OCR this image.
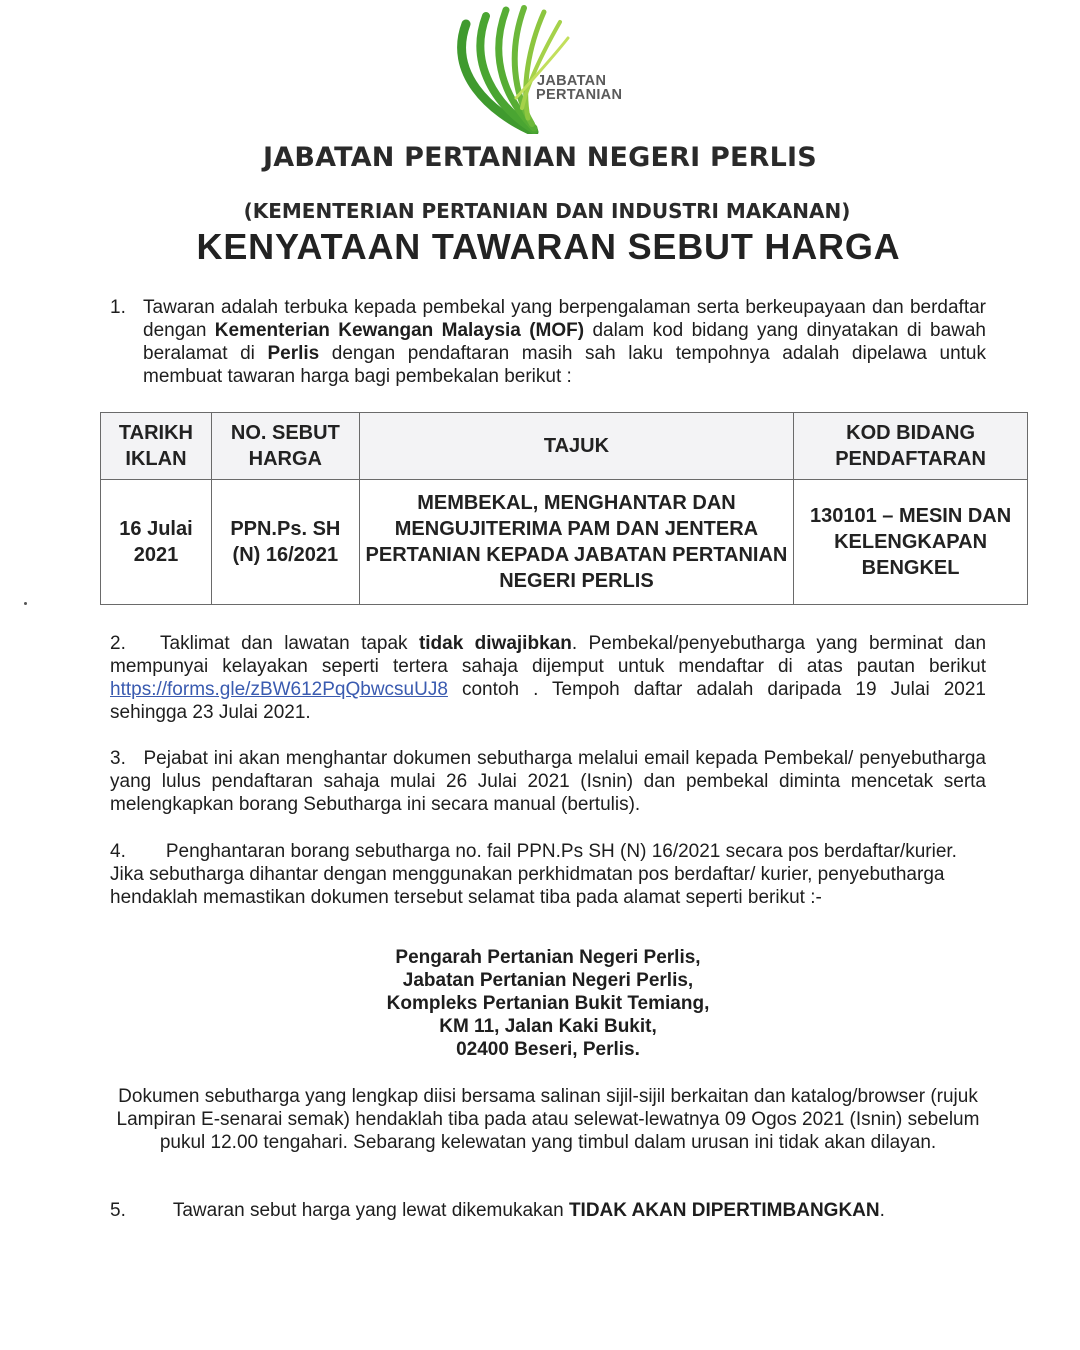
JABATAN
PERTANIAN
JABATAN PERTANIAN NEGERI PERLIS
(KEMENTERIAN PERTANIAN DAN INDUSTRI MAKANAN)
KENYATAAN TAWARAN SEBUT HARGA
1. Tawaran adalah terbuka kepada pembekal yang berpengalaman serta berkeupayaan dan berdaftar dengan Kementerian Kewangan Malaysia (MOF) dalam kod bidang yang dinyatakan di bawah beralamat di Perlis dengan pendaftaran masih sah laku tempohnya adalah dipelawa untuk membuat tawaran harga bagi pembekalan berikut :
TARIKH IKLAN	NO. SEBUT HARGA	TAJUK	KOD BIDANG PENDAFTARAN
16 Julai 2021	PPN.Ps. SH (N) 16/2021	MEMBEKAL, MENGHANTAR DAN MENGUJITERIMA PAM DAN JENTERA PERTANIAN KEPADA JABATAN PERTANIAN NEGERI PERLIS	130101 – MESIN DAN KELENGKAPAN BENGKEL
2. Taklimat dan lawatan tapak tidak diwajibkan. Pembekal/penyebutharga yang berminat dan mempunyai kelayakan seperti tertera sahaja dijemput untuk mendaftar di atas pautan berikut https://forms.gle/zBW612PqQbwcsuUJ8 contoh . Tempoh daftar adalah daripada 19 Julai 2021 sehingga 23 Julai 2021.
3. Pejabat ini akan menghantar dokumen sebutharga melalui email kepada Pembekal/ penyebutharga yang lulus pendaftaran sahaja mulai 26 Julai 2021 (Isnin) dan pembekal diminta mencetak serta melengkapkan borang Sebutharga ini secara manual (bertulis).
4. Penghantaran borang sebutharga no. fail PPN.Ps SH (N) 16/2021 secara pos berdaftar/kurier. Jika sebutharga dihantar dengan menggunakan perkhidmatan pos berdaftar/ kurier, penyebutharga hendaklah memastikan dokumen tersebut selamat tiba pada alamat seperti berikut :-
Pengarah Pertanian Negeri Perlis,
Jabatan Pertanian Negeri Perlis,
Kompleks Pertanian Bukit Temiang,
KM 11, Jalan Kaki Bukit,
02400 Beseri, Perlis.
Dokumen sebutharga yang lengkap diisi bersama salinan sijil-sijil berkaitan dan katalog/browser (rujuk Lampiran E-senarai semak) hendaklah tiba pada atau selewat-lewatnya 09 Ogos 2021 (Isnin) sebelum pukul 12.00 tengahari. Sebarang kelewatan yang timbul dalam urusan ini tidak akan dilayan.
5. Tawaran sebut harga yang lewat dikemukakan TIDAK AKAN DIPERTIMBANGKAN.
